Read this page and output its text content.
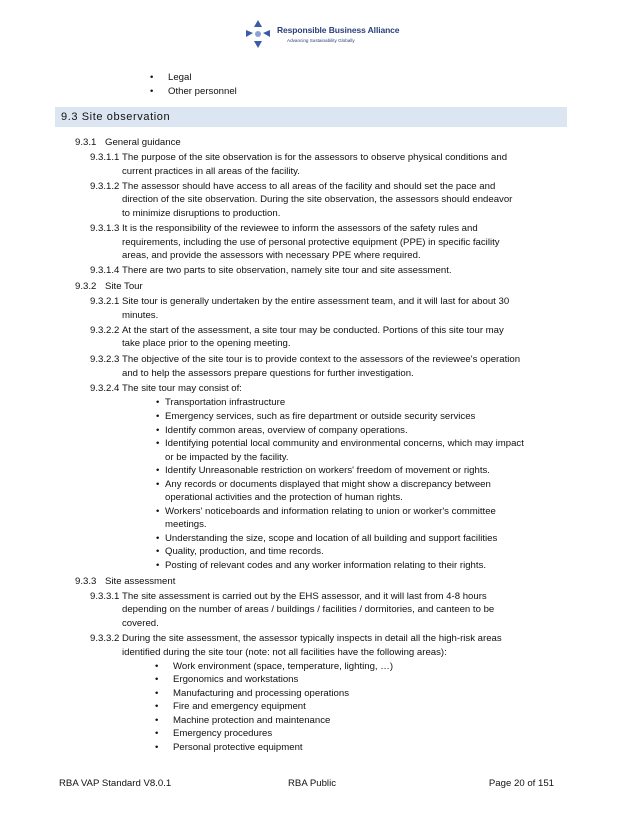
Responsible Business Alliance
Advancing Sustainability Globally
• Legal
• Other personnel
9.3 Site observation
9.3.1 General guidance
9.3.1.1 The purpose of the site observation is for the assessors to observe physical conditions and
current practices in all areas of the facility.
9.3.1.2 The assessor should have access to all areas of the facility and should set the pace and
direction of the site observation. During the site observation, the assessors should endeavor
to minimize disruptions to production.
9.3.1.3 It is the responsibility of the reviewee to inform the assessors of the safety rules and
requirements, including the use of personal protective equipment (PPE) in specific facility
areas, and provide the assessors with necessary PPE where required.
9.3.1.4 There are two parts to site observation, namely site tour and site assessment.
9.3.2 Site Tour
9.3.2.1 Site tour is generally undertaken by the entire assessment team, and it will last for about 30
minutes.
9.3.2.2 At the start of the assessment, a site tour may be conducted. Portions of this site tour may
take place prior to the opening meeting.
9.3.2.3 The objective of the site tour is to provide context to the assessors of the reviewee's operation
and to help the assessors prepare questions for further investigation.
9.3.2.4 The site tour may consist of:
• Transportation infrastructure
• Emergency services, such as fire department or outside security services
• Identify common areas, overview of company operations.
• Identifying potential local community and environmental concerns, which may impact
or be impacted by the facility.
• Identify Unreasonable restriction on workers' freedom of movement or rights.
• Any records or documents displayed that might show a discrepancy between
operational activities and the protection of human rights.
• Workers' noticeboards and information relating to union or worker's committee
meetings.
• Understanding the size, scope and location of all building and support facilities
• Quality, production, and time records.
• Posting of relevant codes and any worker information relating to their rights.
9.3.3 Site assessment
9.3.3.1 The site assessment is carried out by the EHS assessor, and it will last from 4-8 hours
depending on the number of areas / buildings / facilities / dormitories, and canteen to be
covered.
9.3.3.2 During the site assessment, the assessor typically inspects in detail all the high-risk areas
identified during the site tour (note: not all facilities have the following areas):
• Work environment (space, temperature, lighting, …)
• Ergonomics and workstations
• Manufacturing and processing operations
• Fire and emergency equipment
• Machine protection and maintenance
• Emergency procedures
• Personal protective equipment
RBA VAP Standard V8.0.1	RBA Public	Page 20 of 151
